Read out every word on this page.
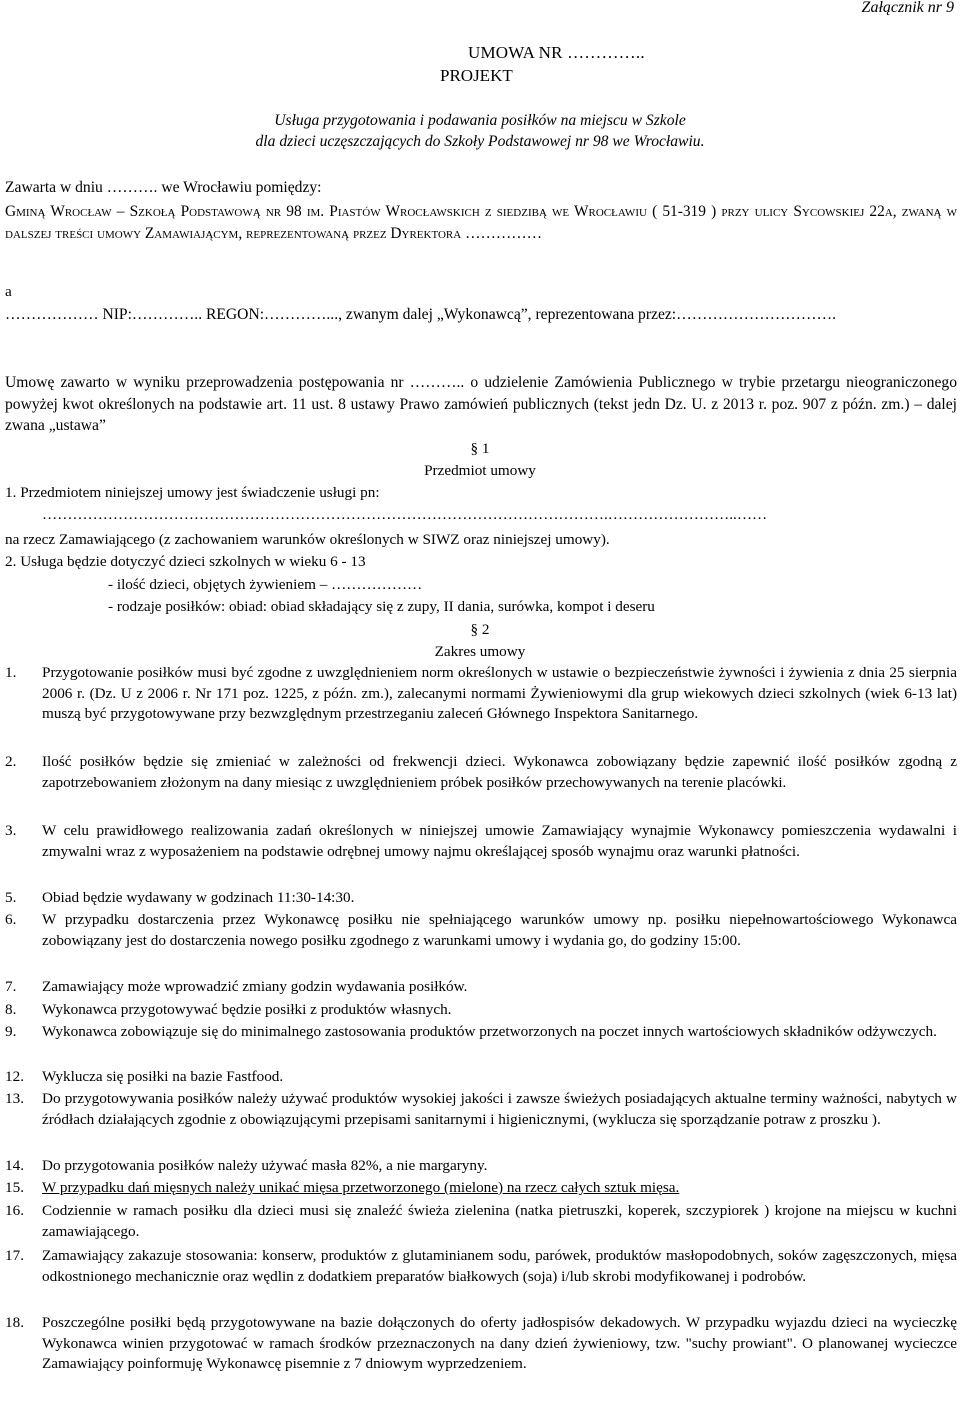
Załącznik nr 9
UMOWA NR …………..
PROJEKT
Usługa przygotowania i podawania posiłków na miejscu w Szkole
dla dzieci uczęszczających do Szkoły Podstawowej nr 98 we Wrocławiu.
Zawarta w dniu ………. we Wrocławiu pomiędzy:

Gminą Wrocław – Szkołą Podstawową nr 98 im. Piastów Wrocławskich z siedzibą we Wrocławiu ( 51-319 ) przy ulicy Sycowskiej 22a, zwaną w dalszej treści umowy Zamawiającym, reprezentowaną przez Dyrektora ……………

a

……………… NIP:………….. REGON:…………..., zwanym dalej „Wykonawcą”, reprezentowana przez:………………………….

Umowę zawarto w wyniku przeprowadzenia postępowania nr ……….. o udzielenie Zamówienia Publicznego w trybie przetargu nieograniczonego powyżej kwot określonych na podstawie art. 11 ust. 8 ustawy Prawo zamówień publicznych (tekst jedn Dz. U. z 2013 r. poz. 907 z późn. zm.) – dalej zwana „ustawa”

§ 1
Przedmiot umowy
1. Przedmiotem niniejszej umowy jest świadczenie usługi pn:
………………………………………………………………………………………………….……………………..……
na rzecz Zamawiającego (z zachowaniem warunków określonych w SIWZ oraz niniejszej umowy).
2. Usługa będzie dotyczyć dzieci szkolnych w wieku 6 - 13
- ilość dzieci, objętych żywieniem – ………………
- rodzaje posiłków: obiad: obiad składający się z zupy, II dania, surówka, kompot i deseru
§ 2
Zakres umowy
1. Przygotowanie posiłków musi być zgodne z uwzględnieniem norm określonych w ustawie o bezpieczeństwie żywności i żywienia z dnia 25 sierpnia 2006 r. (Dz. U z 2006 r. Nr 171 poz. 1225, z późn. zm.), zalecanymi normami Żywieniowymi dla grup wiekowych dzieci szkolnych (wiek 6-13 lat) muszą być przygotowywane przy bezwzględnym przestrzeganiu zaleceń Głównego Inspektora Sanitarnego.
2. Ilość posiłków będzie się zmieniać w zależności od frekwencji dzieci. Wykonawca zobowiązany będzie zapewnić ilość posiłków zgodną z zapotrzebowaniem złożonym na dany miesiąc z uwzględnieniem próbek posiłków przechowywanych na terenie placówki.
3. W celu prawidłowego realizowania zadań określonych w niniejszej umowie Zamawiający wynajmie Wykonawcy pomieszczenia wydawalni i zmywalni wraz z wyposażeniem na podstawie odrębnej umowy najmu określającej sposób wynajmu oraz warunki płatności.
5. Obiad będzie wydawany w godzinach 11:30-14:30.
6. W przypadku dostarczenia przez Wykonawcę posiłku nie spełniającego warunków umowy np. posiłku niepełnowartościowego Wykonawca zobowiązany jest do dostarczenia nowego posiłku zgodnego z warunkami umowy i wydania go, do godziny 15:00.
7. Zamawiający może wprowadzić zmiany godzin wydawania posiłków.
8. Wykonawca przygotowywać będzie posiłki z produktów własnych.
9. Wykonawca zobowiązuje się do minimalnego zastosowania produktów przetworzonych na poczet innych wartościowych składników odżywczych.
12. Wyklucza się posiłki na bazie Fastfood.
13. Do przygotowywania posiłków należy używać produktów wysokiej jakości i zawsze świeżych posiadających aktualne terminy ważności, nabytych w źródłach działających zgodnie z obowiązującymi przepisami sanitarnymi i higienicznymi, (wyklucza się sporządzanie potraw z proszku ).
14. Do przygotowania posiłków należy używać masła 82%, a nie margaryny.
15. W przypadku dań mięsnych należy unikać mięsa przetworzonego (mielone) na rzecz całych sztuk mięsa.
16. Codziennie w ramach posiłku dla dzieci musi się znaleźć świeża zielenina (natka pietruszki, koperek, szczypiorek ) krojone na miejscu w kuchni zamawiającego.
17. Zamawiający zakazuje stosowania: konserw, produktów z glutaminianem sodu, parówek, produktów masłopodobnych, soków zagęszczonych, mięsa odkostnionego mechanicznie oraz wędlin z dodatkiem preparatów białkowych (soja) i/lub skrobi modyfikowanej i podrobów.
18. Poszczególne posiłki będą przygotowywane na bazie dołączonych do oferty jadłospisów dekadowych. W przypadku wyjazdu dzieci na wycieczkę Wykonawca winien przygotować w ramach środków przeznaczonych na dany dzień żywieniowy, tzw. "suchy prowiant". O planowanej wycieczce Zamawiający poinformuję Wykonawcę pisemnie z 7 dniowym wyprzedzeniem.
